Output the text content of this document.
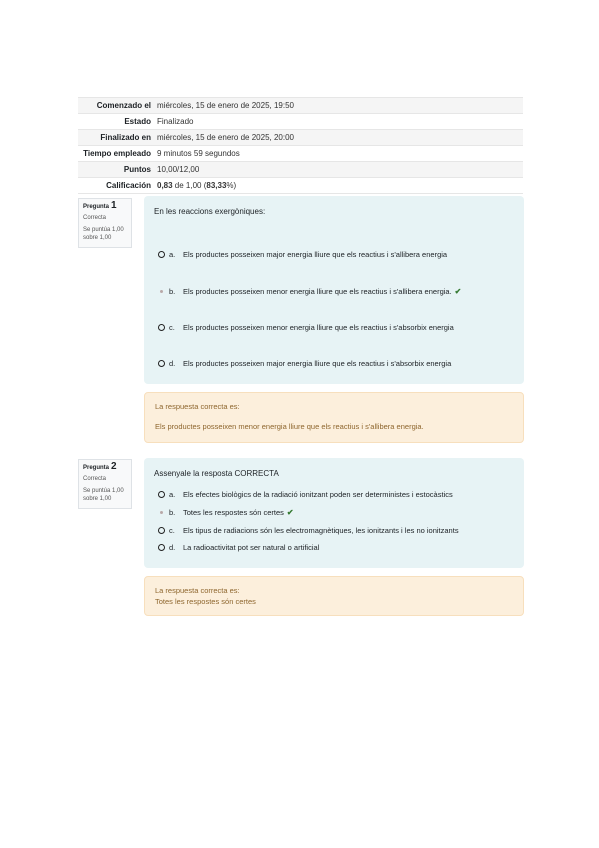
Comenzado el	miércoles, 15 de enero de 2025, 19:50
Estado	Finalizado
Finalizado en	miércoles, 15 de enero de 2025, 20:00
Tiempo empleado	9 minutos 59 segundos
Puntos	10,00/12,00
Calificación	0,83 de 1,00 (83,33%)
Pregunta 1
Correcta
Se puntúa 1,00 sobre 1,00
En les reaccions exergòniques:
a.	Els productes posseixen major energia lliure que els reactius i s'allibera energia
b.	Els productes posseixen menor energia lliure que els reactius i s'allibera energia. ✔
c.	Els productes posseixen menor energia lliure que els reactius i s'absorbix energia
d.	Els productes posseixen major energia lliure que els reactius i s'absorbix energia
La respuesta correcta es:
Els productes posseixen menor energia lliure que els reactius i s'allibera energia.
Pregunta 2
Correcta
Se puntúa 1,00 sobre 1,00
Assenyale la resposta CORRECTA
a.	Els efectes biològics de la radiació ionitzant poden ser deterministes i estocàstics
b.	Totes les respostes són certes ✔
c.	Els tipus de radiacions són les electromagnètiques, les ionitzants i les no ionitzants
d.	La radioactivitat pot ser natural o artificial
La respuesta correcta es:
Totes les respostes són certes
